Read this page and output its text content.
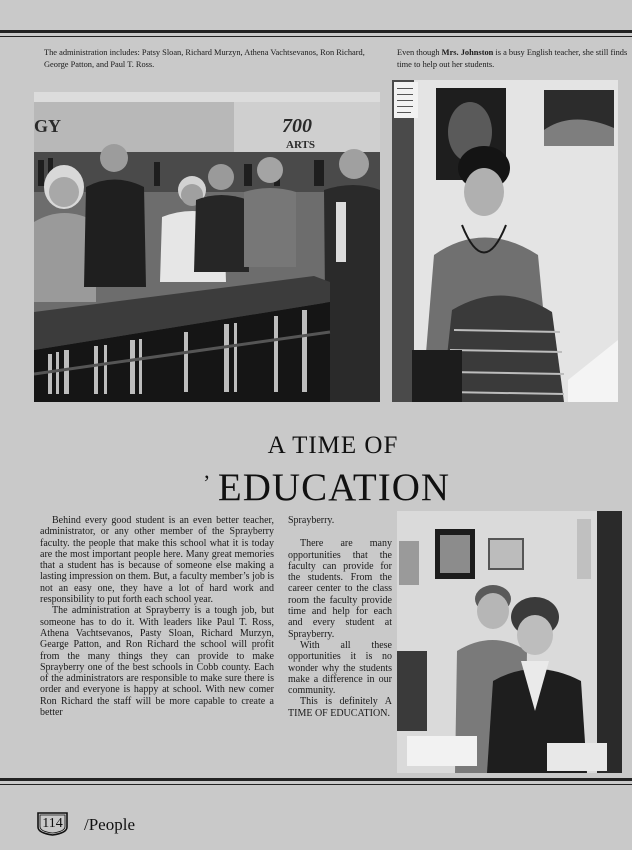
The administration includes: Patsy Sloan, Richard Murzyn, Athena Vachtsevanos, Ron Richard, George Patton, and Paul T. Ross.
Even though Mrs. Johnston is a busy English teacher, she still finds time to help out her students.
GY	700
ARTS
A TIME OF
’ EDUCATION

Behind every good student is an even better teacher, administrator, or any other member of the Sprayberry faculty. the people that make this school what it is today are the most important people here. Many great memories that a student has is because of someone else making a lasting impression on them. But, a faculty member’s job is not an easy one, they have a lot of hard work and responsibility to put forth each school year.

The administration at Sprayberry is a tough job, but someone has to do it. With leaders like Paul T. Ross, Athena Vachtsevanos, Pasty Sloan, Richard Murzyn, Gearge Patton, and Ron Richard the school will profit from the many things they can provide to make Sprayberry one of the best schools in Cobb county. Each of the administrators are responsible to make sure there is order and everyone is happy at school. With new comer Ron Richard the staff will be more capable to create a better

Sprayberry.

There are many opportunities that the faculty can provide for the students. From the career center to the class room the faculty provide time and help for each and every student at Sprayberry.

With all these opportunities it is no wonder why the students make a difference in our community.

This is definitely A TIME OF EDUCATION.

114	/People
